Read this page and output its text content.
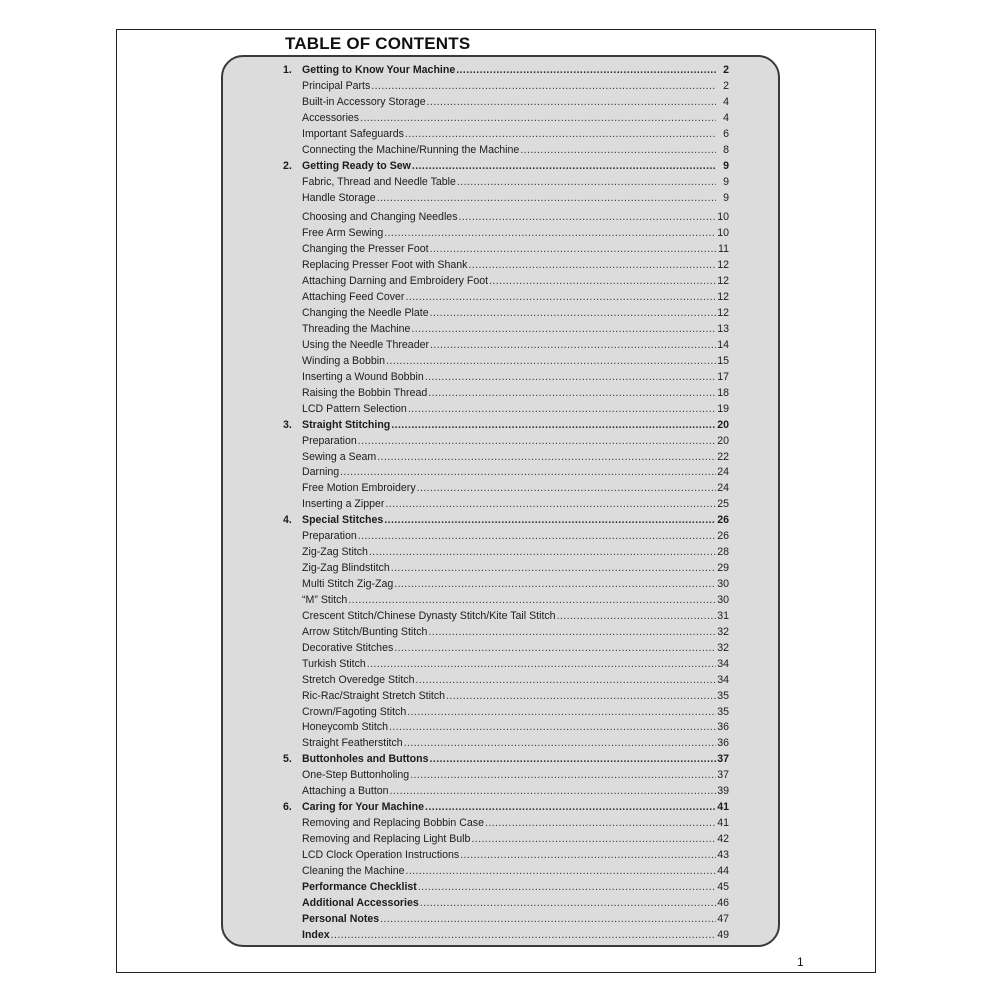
TABLE OF CONTENTS
1. Getting to Know Your Machine .....	2
Principal Parts .....	2
Built-in Accessory Storage .....	4
Accessories .....	4
Important Safeguards .....	6
Connecting the Machine/Running the Machine .....	8
2. Getting Ready to Sew .....	9
Fabric, Thread and Needle Table .....	9
Handle Storage .....	9
Choosing and Changing Needles .....	10
Free Arm Sewing .....	10
Changing the Presser Foot .....	11
Replacing Presser Foot with Shank .....	12
Attaching Darning and Embroidery Foot .....	12
Attaching Feed Cover .....	12
Changing the Needle Plate .....	12
Threading the Machine .....	13
Using the Needle Threader .....	14
Winding a Bobbin .....	15
Inserting a Wound Bobbin .....	17
Raising the Bobbin Thread .....	18
LCD Pattern Selection .....	19
3. Straight Stitching .....	20
Preparation .....	20
Sewing a Seam .....	22
Darning .....	24
Free Motion Embroidery .....	24
Inserting a Zipper .....	25
4. Special Stitches .....	26
Preparation .....	26
Zig-Zag Stitch .....	28
Zig-Zag Blindstitch .....	29
Multi Stitch Zig-Zag .....	30
“M” Stitch .....	30
Crescent Stitch/Chinese Dynasty Stitch/Kite Tail Stitch .....	31
Arrow Stitch/Bunting Stitch .....	32
Decorative Stitches .....	32
Turkish Stitch .....	34
Stretch Overedge Stitch .....	34
Ric-Rac/Straight Stretch Stitch .....	35
Crown/Fagoting Stitch .....	35
Honeycomb Stitch .....	36
Straight Featherstitch .....	36
5. Buttonholes and Buttons .....	37
One-Step Buttonholing .....	37
Attaching a Button .....	39
6. Caring for Your Machine .....	41
Removing and Replacing Bobbin Case .....	41
Removing and Replacing Light Bulb .....	42
LCD Clock Operation Instructions .....	43
Cleaning the Machine .....	44
Performance Checklist .....	45
Additional Accessories .....	46
Personal Notes .....	47
Index .....	49
1
